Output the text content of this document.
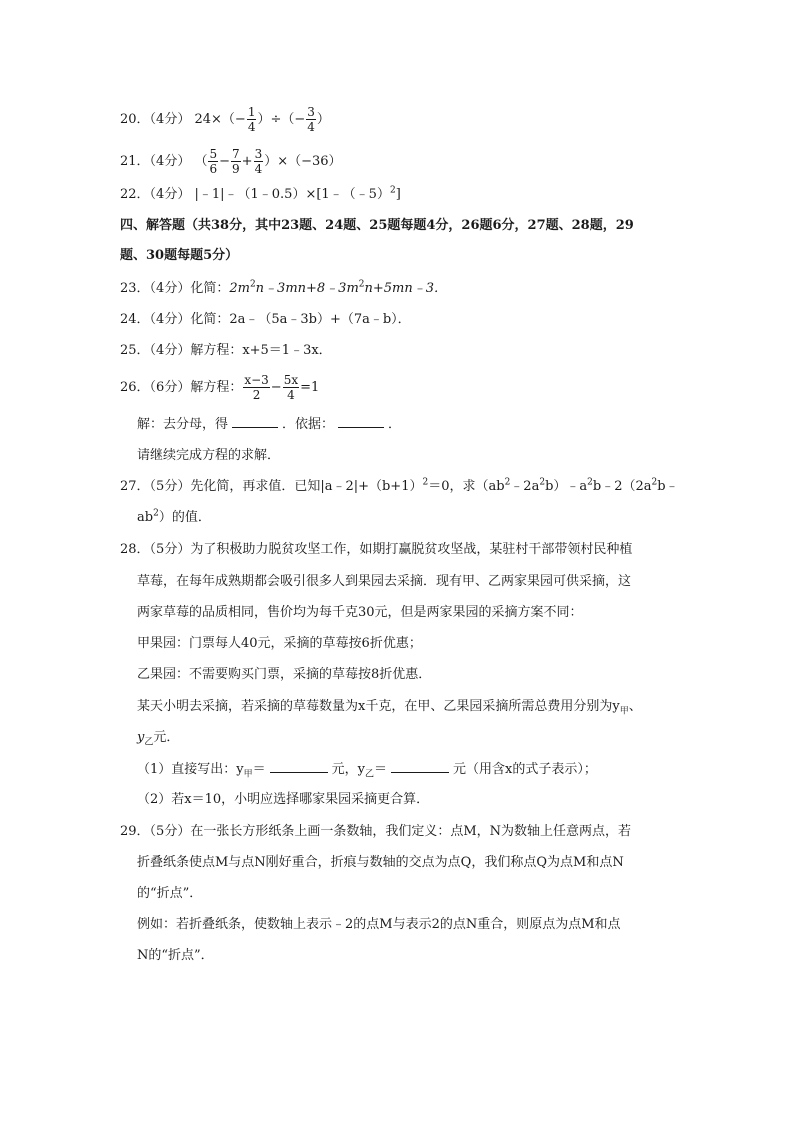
20．（4分） $24\times(- \frac{1}{4}$ ）÷（− $\frac{3}{4}$ ）
21．（4分） （ $\frac{5}{6} - \frac{7}{9} + \frac{3}{4} )\times(-36)$
22．（4分） |﹣1|﹣（1﹣0.5）×[1﹣（﹣5）$^2$]
四、解答题（共38分，其中23题、24题、25题每题4分，26题6分，27题、28题，29
题、30题每题5分）
23．（4分）化简：$2m^2n﹣3mn+8﹣3m^2n+5mn﹣3$．
24．（4分）化简：2a﹣（5a﹣3b）+（7a﹣b）．
25．（4分）解方程：x+5＝1﹣3x．
26．（6分）解方程： $\frac{x-3}{2} - \frac{5x}{4} =1$
解：去分母，得	．依据：	．
请继续完成方程的求解．
27．（5分）先化简，再求值．已知$|a﹣2|+(b+1)^2=0$，求$(ab^2﹣2a^2b)﹣a^2b﹣2(2a^2b﹣$
$ab^2$）的值．
28．（5分）为了积极助力脱贫攻坚工作，如期打赢脱贫攻坚战，某驻村干部带领村民种植
草莓，在每年成熟期都会吸引很多人到果园去采摘．现有甲、乙两家果园可供采摘，这
两家草莓的品质相同，售价均为每千克30元，但是两家果园的采摘方案不同：
甲果园：门票每人40元，采摘的草莓按6折优惠；
乙果园：不需要购买门票，采摘的草莓按8折优惠．
某天小明去采摘，若采摘的草莓数量为x千克，在甲、乙果园采摘所需总费用分别为$y_甲$、
$y_乙$元．
（1）直接写出：$y_甲=$	元，$y_乙=$	元（用含x的式子表示）；
（2）若x＝10，小明应选择哪家果园采摘更合算．
29．（5分）在一张长方形纸条上画一条数轴，我们定义：点M，N为数轴上任意两点，若
折叠纸条使点M与点N刚好重合，折痕与数轴的交点为点Q，我们称点Q为点M和点N
的“折点”．
例如：若折叠纸条，使数轴上表示﹣2的点M与表示2的点N重合，则原点为点M和点
N的“折点”．
